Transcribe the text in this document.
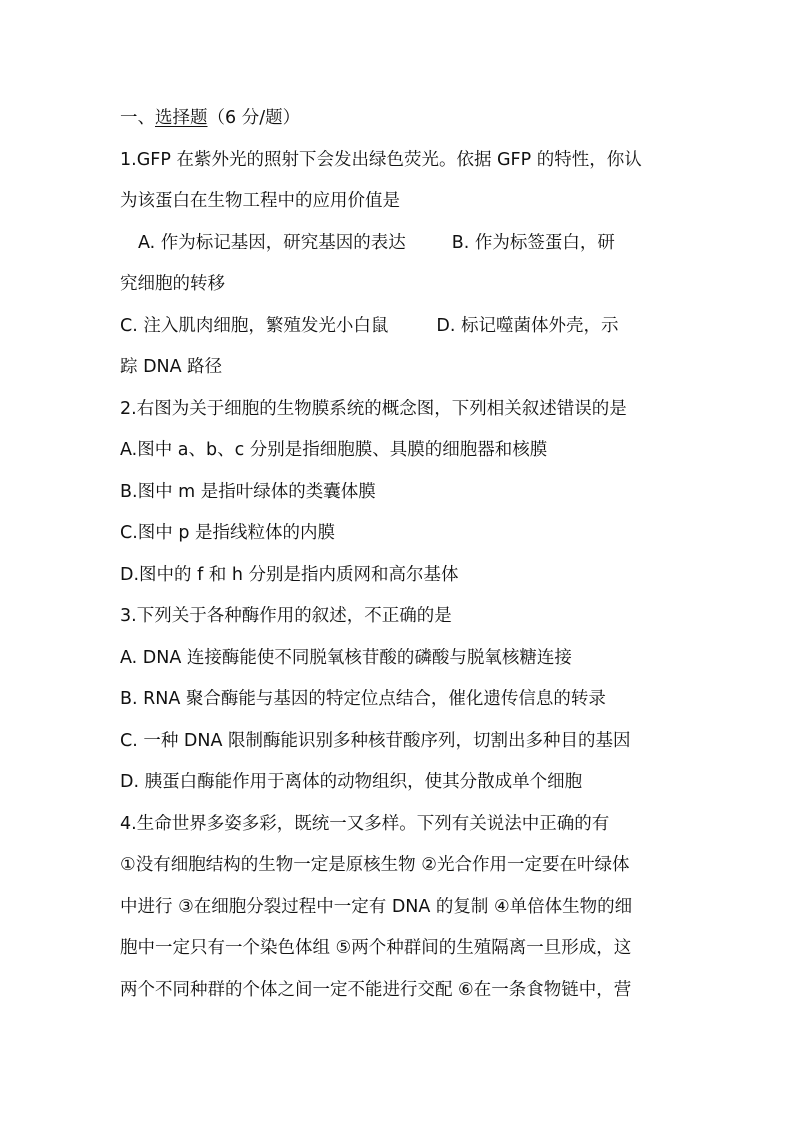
一、选择题（6 分/题）
1.GFP 在紫外光的照射下会发出绿色荧光。依据 GFP 的特性，你认
为该蛋白在生物工程中的应用价值是
A. 作为标记基因，研究基因的表达	B. 作为标签蛋白，研
究细胞的转移
C. 注入肌肉细胞，繁殖发光小白鼠	D. 标记噬菌体外壳，示
踪 DNA 路径
2.右图为关于细胞的生物膜系统的概念图，下列相关叙述错误的是
A.图中 a、b、c 分别是指细胞膜、具膜的细胞器和核膜
B.图中 m 是指叶绿体的类囊体膜
C.图中 p 是指线粒体的内膜
D.图中的 f 和 h 分别是指内质网和高尔基体
3.下列关于各种酶作用的叙述，不正确的是
A. DNA 连接酶能使不同脱氧核苷酸的磷酸与脱氧核糖连接
B. RNA 聚合酶能与基因的特定位点结合，催化遗传信息的转录
C. 一种 DNA 限制酶能识别多种核苷酸序列，切割出多种目的基因
D. 胰蛋白酶能作用于离体的动物组织，使其分散成单个细胞
4.生命世界多姿多彩，既统一又多样。下列有关说法中正确的有
①没有细胞结构的生物一定是原核生物 ②光合作用一定要在叶绿体
中进行 ③在细胞分裂过程中一定有 DNA 的复制 ④单倍体生物的细
胞中一定只有一个染色体组 ⑤两个种群间的生殖隔离一旦形成，这
两个不同种群的个体之间一定不能进行交配 ⑥在一条食物链中，营
